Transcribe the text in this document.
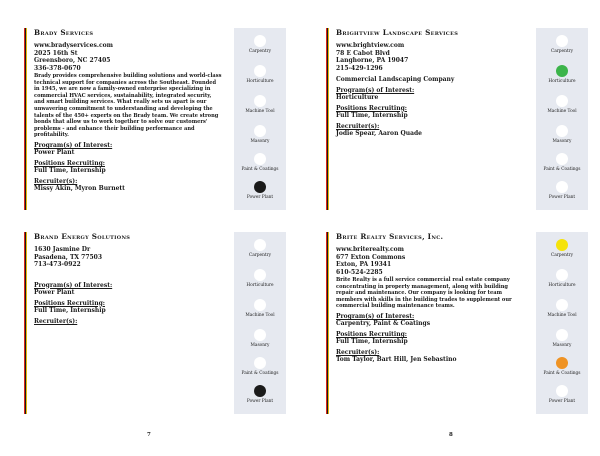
Brady Services
www.bradyservices.com
2025 16th St
Greensboro, NC 27405
336-378-0670
Brady provides comprehensive building solutions and world-class technical support for companies across the Southeast. Founded in 1945, we are now a family-owned enterprise specializing in commercial HVAC services, sustainability, integrated security, and smart building services. What really sets us apart is our unwavering commitment to understanding and developing the talents of the 450+ experts on the Brady team. We create strong bonds that allow us to work together to solve our customers' problems - and enhance their building performance and profitability.
Program(s) of Interest:
Power Plant
Positions Recruiting:
Full Time, Internship
Recruiter(s):
Missy Akin, Myron Burnett
Carpentry
Horticulture
Machine Tool
Masonry
Paint & Coatings
Power Plant
Brightview Landscape Services
www.brightview.com
78 E Cabot Blvd
Langhorne, PA 19047
215-429-1296
Commercial Landscaping Company
Program(s) of Interest:
Horticulture
Positions Recruiting:
Full Time, Internship
Recruiter(s):
Jodie Spear, Aaron Quade
Carpentry
Horticulture
Machine Tool
Masonry
Paint & Coatings
Power Plant
Brand Energy Solutions
1630 Jasmine Dr
Pasadena, TX 77503
713-473-0922
Program(s) of Interest:
Power Plant
Positions Recruiting:
Full Time, Internship
Recruiter(s):
Carpentry
Horticulture
Machine Tool
Masonry
Paint & Coatings
Power Plant
Brite Realty Services, Inc.
www.briterealty.com
677 Exton Commons
Exton, PA 19341
610-524-2285
Brite Realty is a full service commercial real estate company concentrating in property management, along with building repair and maintenance. Our company is looking for team members with skills in the building trades to supplement our commercial building maintenance teams.
Program(s) of Interest:
Carpentry, Paint & Coatings
Positions Recruiting:
Full Time, Internship
Recruiter(s):
Tom Taylor, Bart Hill, Jen Sebastino
Carpentry
Horticulture
Machine Tool
Masonry
Paint & Coatings
Power Plant
7	8
